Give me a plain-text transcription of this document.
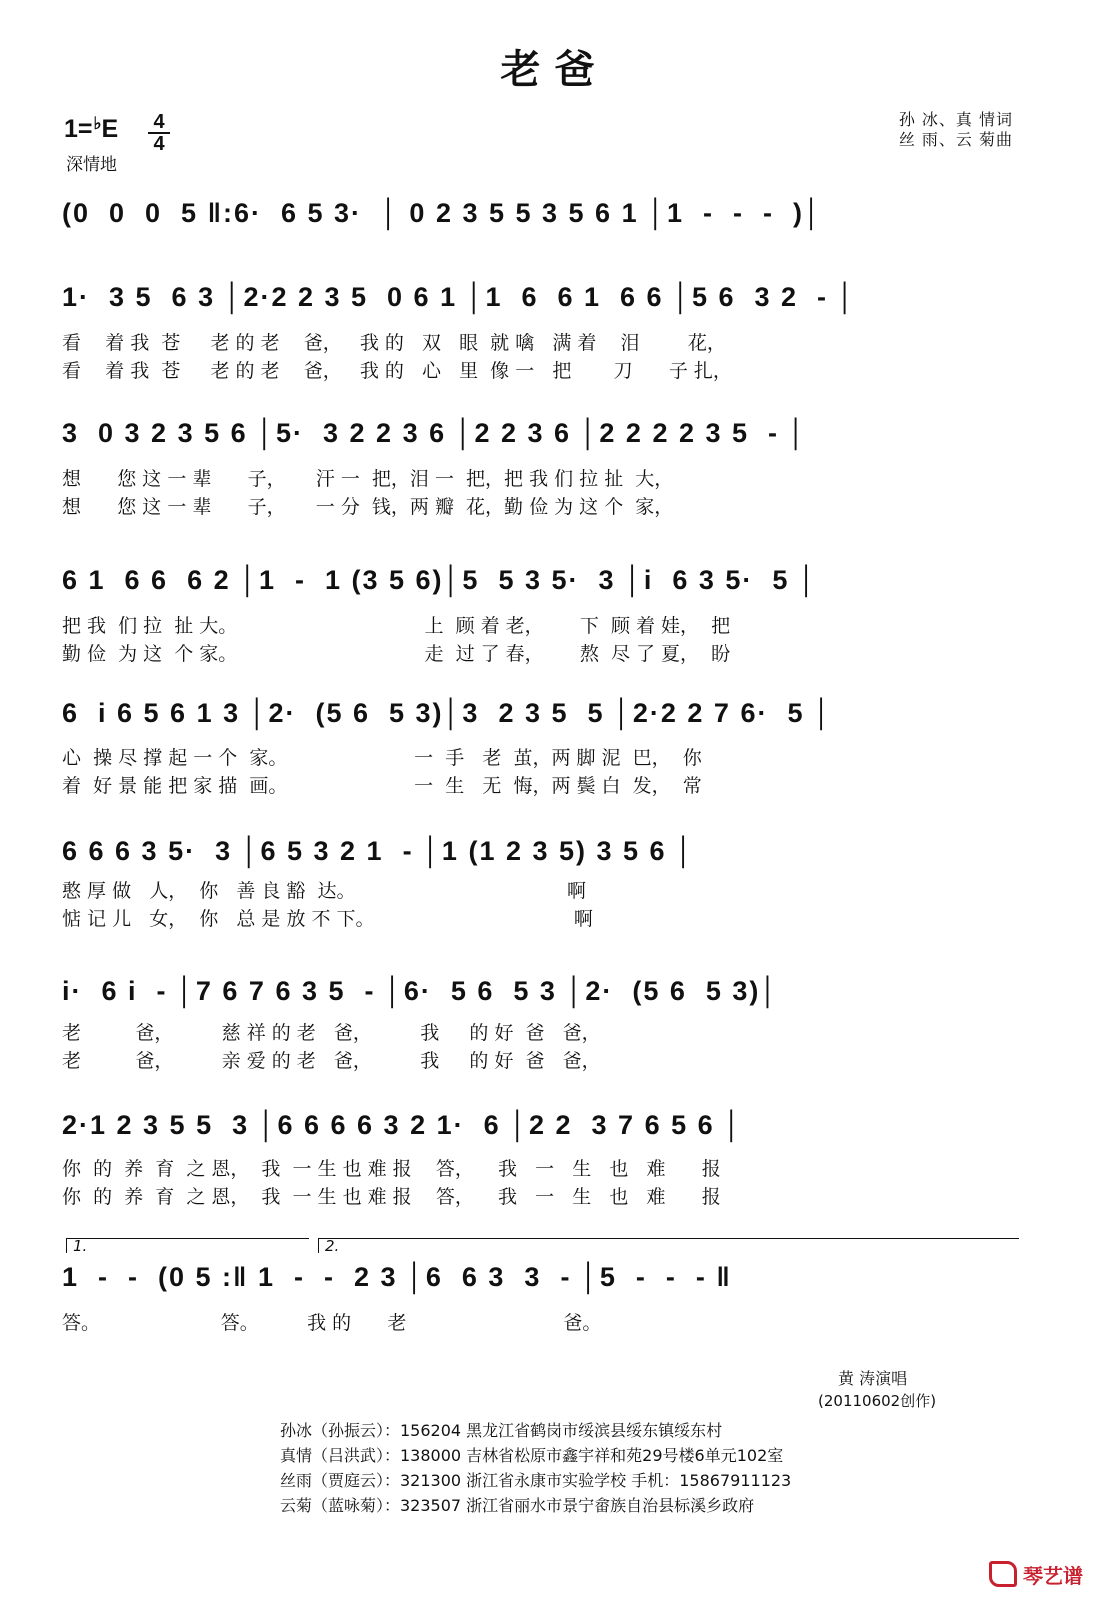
老爸
1=♭E 4
4
深情地
孙 冰、真 情词
丝 雨、云 菊曲
(0  0  0  5 ‖:6·  6 5 3·  │ 0 2 3 5 5 3 5 6 1 │1  -  -  -  )│
1·  3 5  6 3 │2·2 2 3 5  0 6 1 │1  6  6 1  6 6 │5 6  3 2  - │
看    着 我  苍     老 的 老    爸，   我 的   双   眼  就 噙   满 着    泪        花，
看    着 我  苍     老 的 老    爸，   我 的   心   里  像 一   把       刀      子 扎，
3  0 3 2 3 5 6 │5·  3 2 2 3 6 │2 2 3 6 │2 2 2 2 3 5  - │
想      您 这 一 辈      子，     汗 一  把，泪 一  把，把 我 们 拉 扯  大，
想      您 这 一 辈      子，     一 分  钱，两 瓣  花，勤 俭 为 这 个  家，
6 1  6 6  6 2 │1  -  1 (3 5 6)│5  5 3 5·  3 │i  6 3 5·  5 │
把 我  们 拉  扯 大。                               上  顾 着 老，      下  顾 着 娃，  把
勤 俭  为 这  个 家。                               走  过 了 春，      熬  尽 了 夏，  盼
6  i 6 5 6 1 3 │2·  (5 6  5 3)│3  2 3 5  5 │2·2 2 7 6·  5 │
心  操 尽 撑 起 一 个  家。                     一  手   老  茧，两 脚 泥  巴，  你
着  好 景 能 把 家 描  画。                     一  生   无  悔，两 鬓 白  发，  常
6 6 6 3 5·  3 │6 5 3 2 1  - │1 (1 2 3 5) 3 5 6 │
憨 厚 做   人，  你   善 良 豁  达。                                   啊
惦 记 儿   女，  你   总 是 放 不 下。                                 啊
i·  6 i  - │7 6 7 6 3 5  - │6·  5 6  5 3 │2·  (5 6  5 3)│
老         爸，        慈 祥 的 老   爸，        我     的 好  爸   爸，
老         爸，        亲 爱 的 老   爸，        我     的 好  爸   爸，
2·1 2 3 5 5  3 │6 6 6 6 3 2 1·  6 │2 2  3 7 6 5 6 │
你  的  养  育  之 恩，  我  一 生 也 难 报    答，    我   一   生   也   难      报
你  的  养  育  之 恩，  我  一 生 也 难 报    答，    我   一   生   也   难      报
1.	2.
1  -  -  (0 5 :‖ 1  -  -  2 3 │6  6 3  3  - │5  -  -  - ‖
答。                    答。        我 的      老                          爸。
黄 涛演唱
(20110602创作)
孙冰（孙振云）：156204 黑龙江省鹤岗市绥滨县绥东镇绥东村
真情（吕洪武）：138000 吉林省松原市鑫宇祥和苑29号楼6单元102室
丝雨（贾庭云）：321300 浙江省永康市实验学校 手机：15867911123
云菊（蓝咏菊）：323507 浙江省丽水市景宁畲族自治县标溪乡政府
琴艺谱
